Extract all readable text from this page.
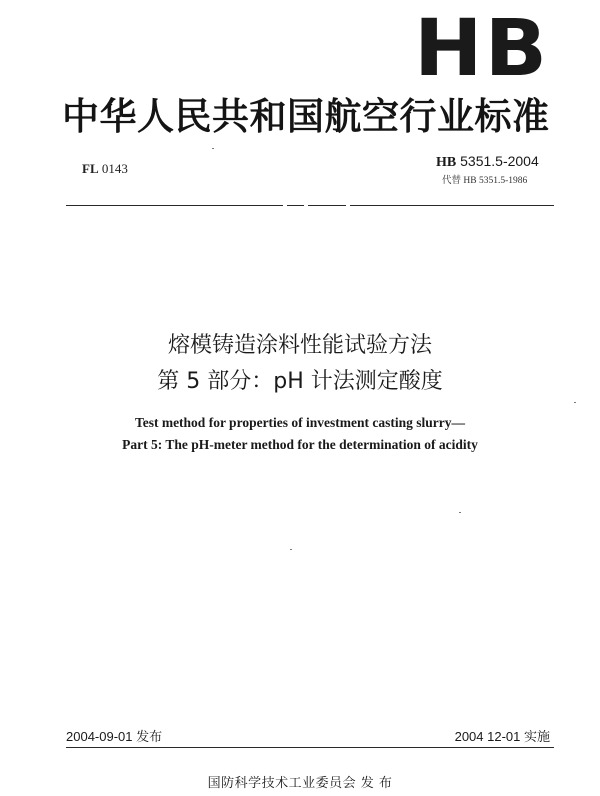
HB
中华人民共和国航空行业标准
FL 0143	HB 5351.5-2004
代替 HB 5351.5-1986
熔模铸造涂料性能试验方法
第 5 部分：pH 计法测定酸度
Test method for properties of investment casting slurry—
Part 5: The pH-meter method for the determination of acidity
2004-09-01 发布	2004 12-01 实施
国防科学技术工业委员会 发 布
